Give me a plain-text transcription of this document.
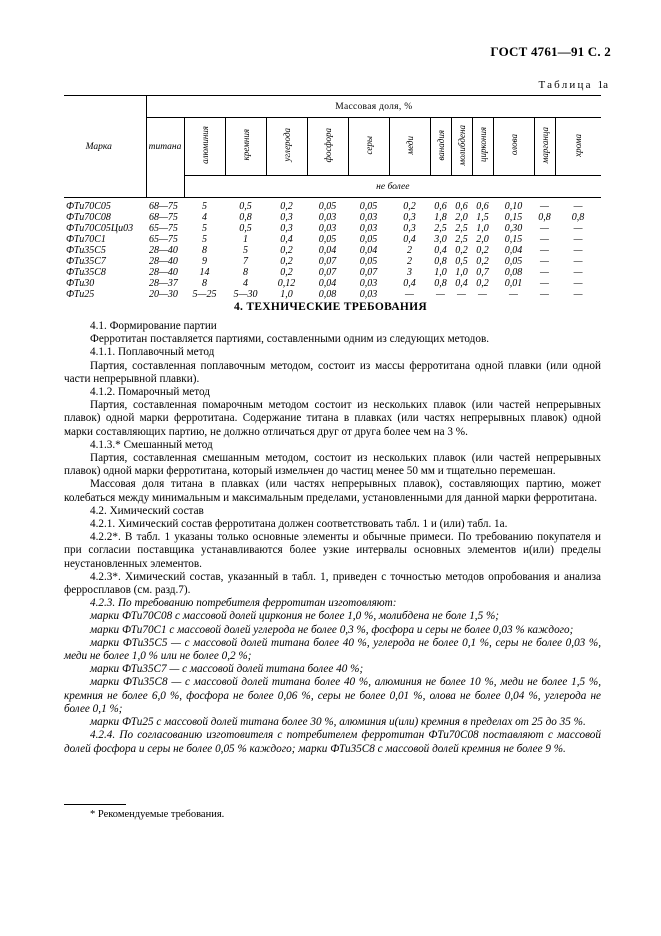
ГОСТ 4761—91 С. 2
Таблица 1а
Марка	Массовая доля, %												
	титана	алюминия	кремния	углерода	фосфора	серы	меди	ванадия	молибдена	циркония	олова	марганца	хрома
		не более											
ФТи70С05	68—75	5	0,5	0,2	0,05	0,05	0,2	0,6	0,6	0,6	0,10	—	—
ФТи70С08	68—75	4	0,8	0,3	0,03	0,03	0,3	1,8	2,0	1,5	0,15	0,8	0,8
ФТи70С05Ци03	65—75	5	0,5	0,3	0,03	0,03	0,3	2,5	2,5	1,0	0,30	—	—
ФТи70С1	65—75	5	1	0,4	0,05	0,05	0,4	3,0	2,5	2,0	0,15	—	—
ФТи35С5	28—40	8	5	0,2	0,04	0,04	2	0,4	0,2	0,2	0,04	—	—
ФТи35С7	28—40	9	7	0,2	0,07	0,05	2	0,8	0,5	0,2	0,05	—	—
ФТи35С8	28—40	14	8	0,2	0,07	0,07	3	1,0	1,0	0,7	0,08	—	—
ФТи30	28—37	8	4	0,12	0,04	0,03	0,4	0,8	0,4	0,2	0,01	—	—
ФТи25	20—30	5—25	5—30	1,0	0,08	0,03	—	—	—	—	—	—	—
4. ТЕХНИЧЕСКИЕ ТРЕБОВАНИЯ

4.1. Формирование партии

Ферротитан поставляется партиями, составленными одним из следующих методов.

4.1.1. Поплавочный метод

Партия, составленная поплавочным методом, состоит из массы ферротитана одной плавки (или одной части непрерывной плавки).

4.1.2. Помарочный метод

Партия, составленная помарочным методом состоит из нескольких плавок (или частей непрерывных плавок) одной марки ферротитана. Содержание титана в плавках (или частях непрерывных плавок) одной марки составляющих партию, не должно отличаться друг от друга более чем на 3 %.

4.1.3.* Смешанный метод

Партия, составленная смешанным методом, состоит из нескольких плавок (или частей непрерывных плавок) одной марки ферротитана, который измельчен до частиц менее 50 мм и тщательно перемешан.

Массовая доля титана в плавках (или частях непрерывных плавок), составляющих партию, может колебаться между минимальным и максимальным пределами, установленными для данной марки ферротитана.

4.2. Химический состав

4.2.1. Химический состав ферротитана должен соответствовать табл. 1 и (или) табл. 1а.

4.2.2*. В табл. 1 указаны только основные элементы и обычные примеси. По требованию покупателя и при согласии поставщика устанавливаются более узкие интервалы основных элементов и(или) пределы неустановленных элементов.

4.2.3*. Химический состав, указанный в табл. 1, приведен с точностью методов опробования и анализа ферросплавов (см. разд.7).

4.2.3. По требованию потребителя ферротитан изготовляют:

марки ФТи70С08 с массовой долей циркония не более 1,0 %, молибдена не боле 1,5 %;

марки ФТи70С1 с массовой долей углерода не более 0,3 %, фосфора и серы не более 0,03 % каждого;

марки ФТи35С5 — с массовой долей титана более 40 %, углерода не более 0,1 %, серы не более 0,03 %, меди не более 1,0 % или не более 0,2 %;

марки ФТи35С7 — с массовой долей титана более 40 %;

марки ФТи35С8 — с массовой долей титана более 40 %, алюминия не более 10 %, меди не более 1,5 %, кремния не более 6,0 %, фосфора не более 0,06 %, серы не более 0,01 %, олова не более 0,04 %, углерода не более 0,1 %;

марки ФТи25 с массовой долей титана более 30 %, алюминия и(или) кремния в пределах от 25 до 35 %.

4.2.4. По согласованию изготовителя с потребителем ферротитан ФТи70С08 поставляют с массовой долей фосфора и серы не более 0,05 % каждого; марки ФТи35С8 с массовой долей кремния не более 9 %.

* Рекомендуемые требования.
